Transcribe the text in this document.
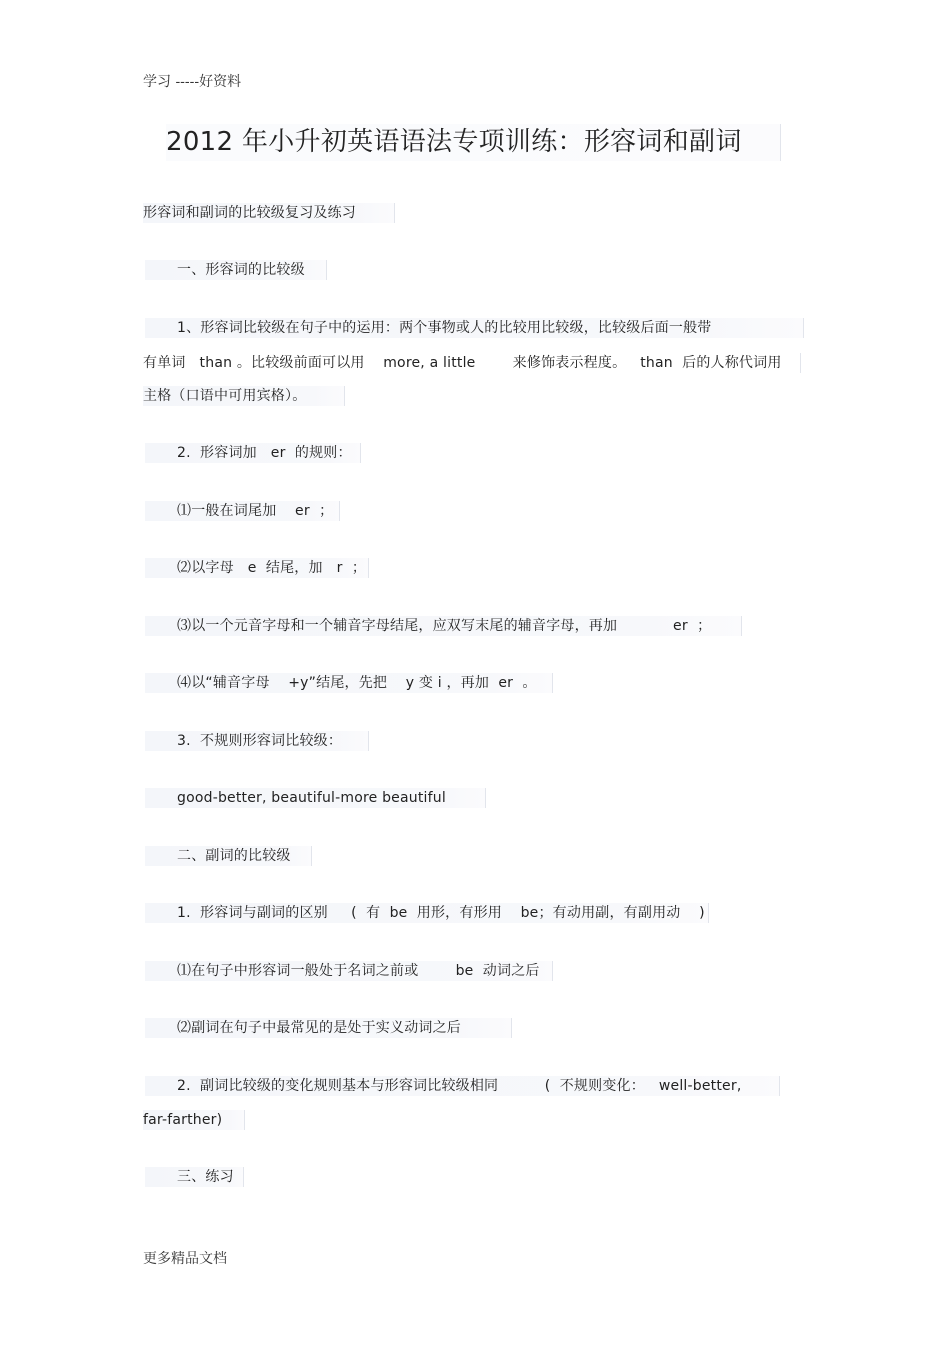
学习 -----好资料
2012 年小升初英语语法专项训练：形容词和副词
形容词和副词的比较级复习及练习
一、形容词的比较级
1、形容词比较级在句子中的运用：两个事物或人的比较用比较级，比较级后面一般带
有单词   than 。比较级前面可以用    more, a little        来修饰表示程度。   than  后的人称代词用
主格（口语中可用宾格）。
2.  形容词加   er  的规则：
⑴一般在词尾加    er  ；
⑵以字母   e  结尾，加   r  ；
⑶以一个元音字母和一个辅音字母结尾，应双写末尾的辅音字母，再加            er  ；
⑷以“辅音字母    +y”结尾，先把    y 变 i ，再加  er  。
3.  不规则形容词比较级：
good-better, beautiful-more beautiful
二、副词的比较级
1.  形容词与副词的区别     (  有  be  用形，有形用    be；有动用副，有副用动    )
⑴在句子中形容词一般处于名词之前或        be  动词之后
⑵副词在句子中最常见的是处于实义动词之后
2.  副词比较级的变化规则基本与形容词比较级相同          (  不规则变化：   well-better,
far-farther)
三、练习
更多精品文档
